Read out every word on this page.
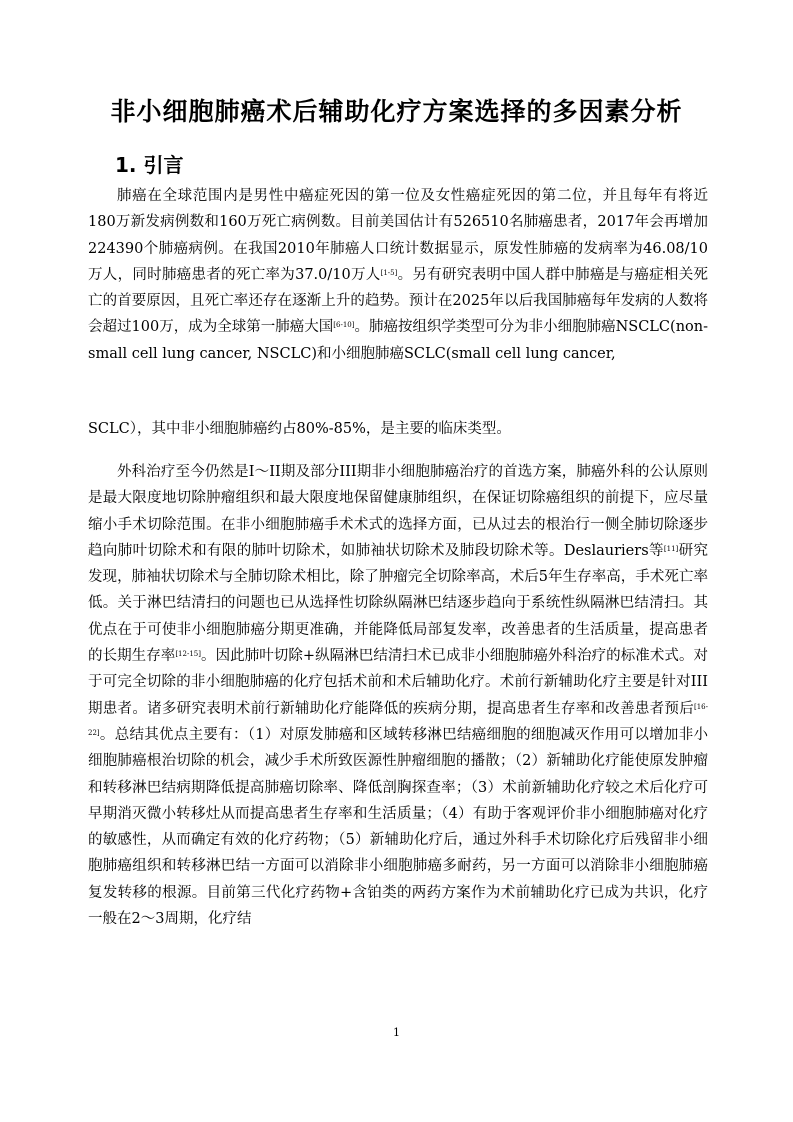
非小细胞肺癌术后辅助化疗方案选择的多因素分析
1. 引言

肺癌在全球范围内是男性中癌症死因的第一位及女性癌症死因的第二位，并且每年有将近180万新发病例数和160万死亡病例数。目前美国估计有526510名肺癌患者，2017年会再增加224390个肺癌病例。在我国2010年肺癌人口统计数据显示，原发性肺癌的发病率为46.08/10万人，同时肺癌患者的死亡率为37.0/10万人[1-5]。另有研究表明中国人群中肺癌是与癌症相关死亡的首要原因，且死亡率还存在逐渐上升的趋势。预计在2025年以后我国肺癌每年发病的人数将会超过100万，成为全球第一肺癌大国[6-10]。肺癌按组织学类型可分为非小细胞肺癌NSCLC(non-small cell lung cancer, NSCLC)和小细胞肺癌SCLC(small cell lung cancer,

SCLC），其中非小细胞肺癌约占80%-85%，是主要的临床类型。

外科治疗至今仍然是Ⅰ～II期及部分III期非小细胞肺癌治疗的首选方案，肺癌外科的公认原则是最大限度地切除肿瘤组织和最大限度地保留健康肺组织，在保证切除癌组织的前提下，应尽量缩小手术切除范围。在非小细胞肺癌手术术式的选择方面，已从过去的根治行一侧全肺切除逐步趋向肺叶切除术和有限的肺叶切除术，如肺袖状切除术及肺段切除术等。Deslauriers等[11]研究发现，肺袖状切除术与全肺切除术相比，除了肿瘤完全切除率高，术后5年生存率高，手术死亡率低。关于淋巴结清扫的问题也已从选择性切除纵隔淋巴结逐步趋向于系统性纵隔淋巴结清扫。其优点在于可使非小细胞肺癌分期更准确，并能降低局部复发率，改善患者的生活质量，提高患者的长期生存率[12-15]。因此肺叶切除+纵隔淋巴结清扫术已成非小细胞肺癌外科治疗的标准术式。对于可完全切除的非小细胞肺癌的化疗包括术前和术后辅助化疗。术前行新辅助化疗主要是针对III期患者。诸多研究表明术前行新辅助化疗能降低的疾病分期，提高患者生存率和改善患者预后[16-22]。总结其优点主要有：（1）对原发肺癌和区域转移淋巴结癌细胞的细胞减灭作用可以增加非小细胞肺癌根治切除的机会，减少手术所致医源性肿瘤细胞的播散；（2）新辅助化疗能使原发肿瘤和转移淋巴结病期降低提高肺癌切除率、降低剖胸探查率；（3）术前新辅助化疗较之术后化疗可早期消灭微小转移灶从而提高患者生存率和生活质量；（4）有助于客观评价非小细胞肺癌对化疗的敏感性，从而确定有效的化疗药物；（5）新辅助化疗后，通过外科手术切除化疗后残留非小细胞肺癌组织和转移淋巴结一方面可以消除非小细胞肺癌多耐药，另一方面可以消除非小细胞肺癌复发转移的根源。目前第三代化疗药物+含铂类的两药方案作为术前辅助化疗已成为共识，化疗一般在2～3周期，化疗结

1
